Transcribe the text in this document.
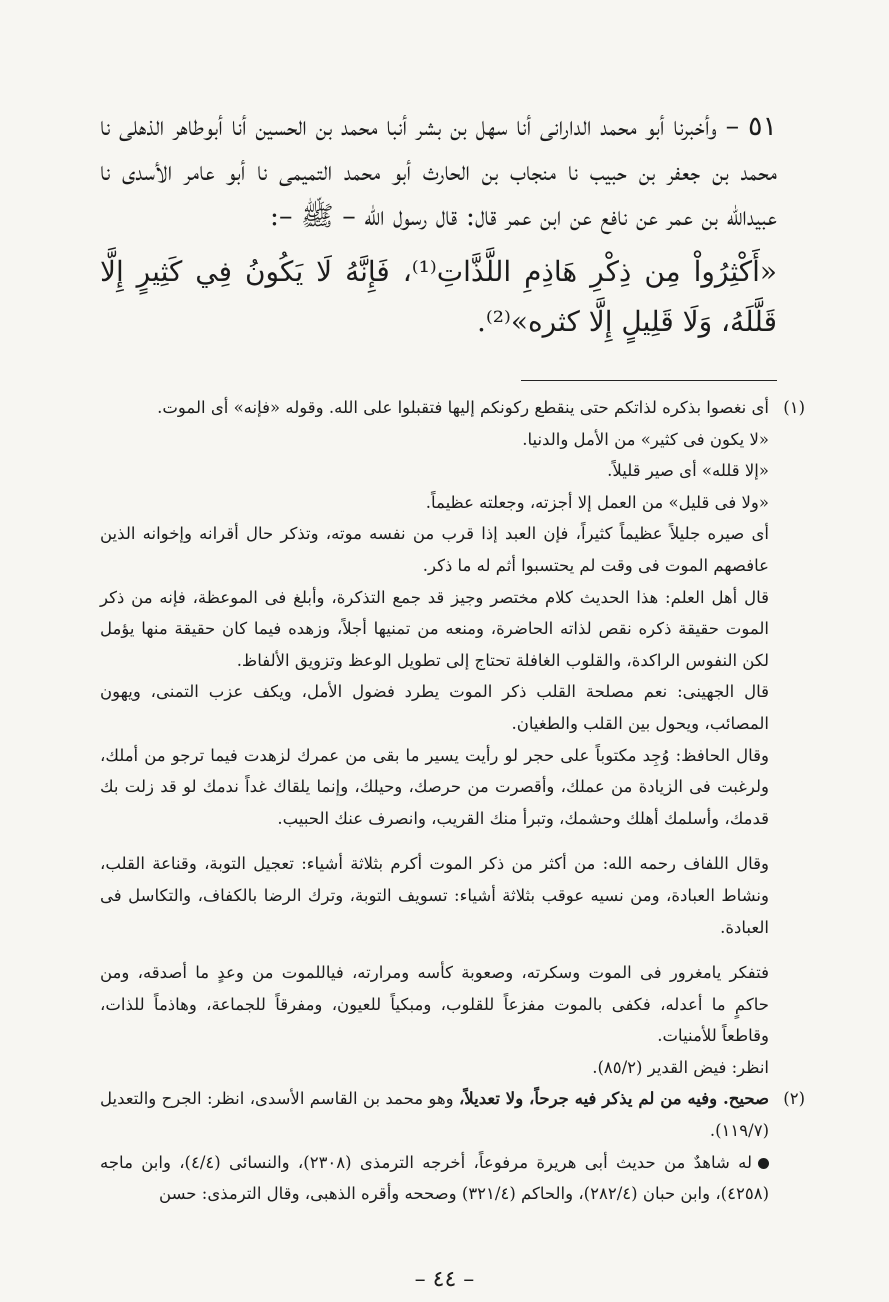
٥١ – وأخبرنا أبو محمد الدارانى أنا سهل بن بشر أنبا محمد بن الحسين أنا أبوطاهر الذهلى نا محمد بن جعفر بن حبيب نا منجاب بن الحارث أبو محمد التميمى نا أبو عامر الأسدى نا عبيدالله بن عمر عن نافع عن ابن عمر قال: قال رسول الله – ﷺ –:

«أَكْثِرُواْ مِن ذِكْرِ هَاذِمِ اللَّذَّاتِ⁽¹⁾، فَإِنَّهُ لَا يَكُونُ فِي كَثِيرٍ إِلَّا قَلَّلَهُ، وَلَا قَلِيلٍ إِلَّا كثره»⁽²⁾.

(١)

أى نغصوا بذكره لذاتكم حتى ينقطع ركونكم إليها فتقبلوا على الله. وقوله «فإنه» أى الموت.

«لا يكون فى كثير» من الأمل والدنيا.

«إلا قلله» أى صير قليلاً.

«ولا فى قليل» من العمل إلا أجزته، وجعلته عظيماً.

أى صيره جليلاً عظيماً كثيراً، فإن العبد إذا قرب من نفسه موته، وتذكر حال أقرانه وإخوانه الذين عافصهم الموت فى وقت لم يحتسبوا أثم له ما ذكر.

قال أهل العلم: هذا الحديث كلام مختصر وجيز قد جمع التذكرة، وأبلغ فى الموعظة، فإنه من ذكر الموت حقيقة ذكره نقص لذاته الحاضرة، ومنعه من تمنيها أجلاً، وزهده فيما كان حقيقة منها يؤمل لكن النفوس الراكدة، والقلوب الغافلة تحتاج إلى تطويل الوعظ وتزويق الألفاظ.

قال الجهينى: نعم مصلحة القلب ذكر الموت يطرد فضول الأمل، ويكف عزب التمنى، ويهون المصائب، ويحول بين القلب والطغيان.

وقال الحافظ: وُجِد مكتوباً على حجر لو رأيت يسير ما بقى من عمرك لزهدت فيما ترجو من أملك، ولرغبت فى الزيادة من عملك، وأقصرت من حرصك، وحيلك، وإنما يلقاك غداً ندمك لو قد زلت بك قدمك، وأسلمك أهلك وحشمك، وتبرأ منك القريب، وانصرف عنك الحبيب.

وقال اللفاف رحمه الله: من أكثر من ذكر الموت أكرم بثلاثة أشياء: تعجيل التوبة، وقناعة القلب، ونشاط العبادة، ومن نسيه عوقب بثلاثة أشياء: تسويف التوبة، وترك الرضا بالكفاف، والتكاسل فى العبادة.

فتفكر يامغرور فى الموت وسكرته، وصعوبة كأسه ومرارته، فياللموت من وعدٍ ما أصدقه، ومن حاكمٍ ما أعدله، فكفى بالموت مفزعاً للقلوب، ومبكياً للعيون، ومفرقاً للجماعة، وهاذماً للذات، وقاطعاً للأمنيات.

انظر: فيض القدير (٨٥/٢).

(٢)

صحيح. وفيه من لم يذكر فيه جرحاً، ولا تعديلاً، وهو محمد بن القاسم الأسدى، انظر: الجرح والتعديل (١١٩/٧).

له شاهدٌ من حديث أبى هريرة مرفوعاً، أخرجه الترمذى (٢٣٠٨)، والنسائى (٤/٤)، وابن ماجه (٤٢٥٨)، وابن حبان (٢٨٢/٤)، والحاكم (٣٢١/٤) وصححه وأقره الذهبى، وقال الترمذى: حسن

– ٤٤ –
